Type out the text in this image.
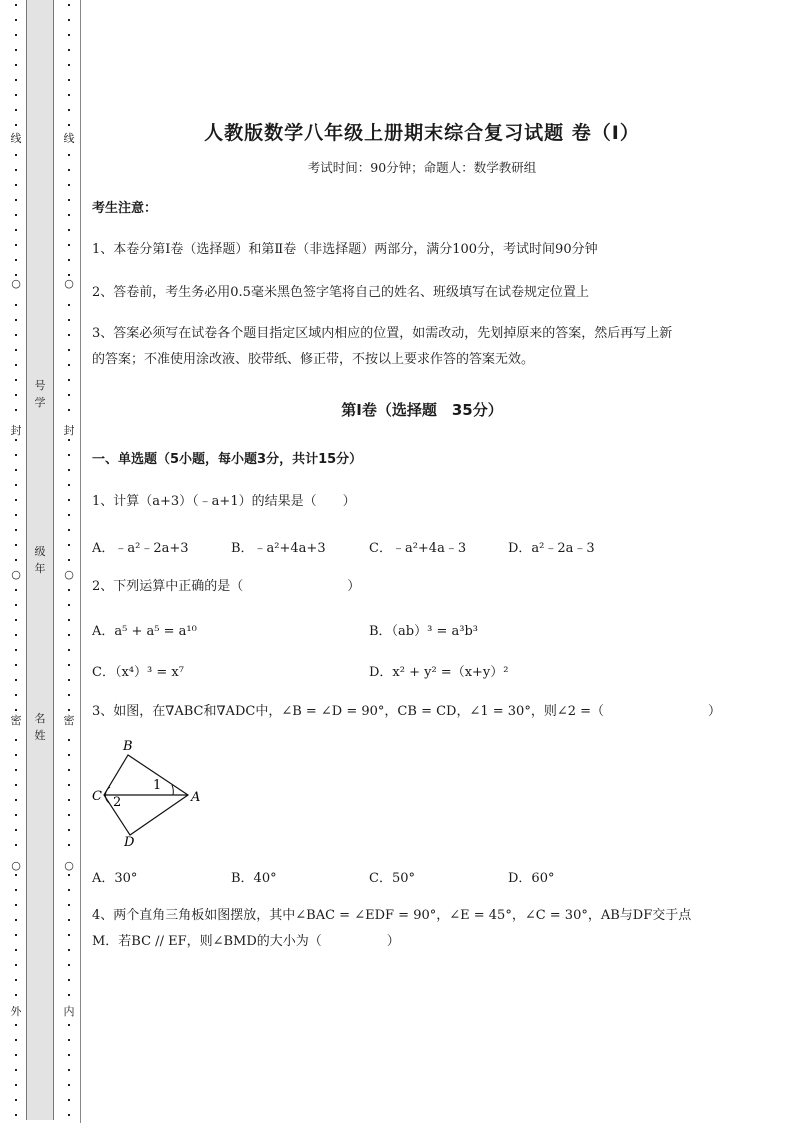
线
○
封
○
密
○
外
号学
级年
名姓
线
○
封
○
密
○
内
人教版数学八年级上册期末综合复习试题 卷（Ⅰ）
考试时间：90分钟；命题人：数学教研组
考生注意：
1、本卷分第I卷（选择题）和第Ⅱ卷（非选择题）两部分，满分100分，考试时间90分钟
2、答卷前，考生务必用0.5毫米黑色签字笔将自己的姓名、班级填写在试卷规定位置上
3、答案必须写在试卷各个题目指定区域内相应的位置，如需改动，先划掉原来的答案，然后再写上新
的答案；不准使用涂改液、胶带纸、修正带，不按以上要求作答的答案无效。
第I卷（选择题　35分）
一、单选题（5小题，每小题3分，共计15分）
1、计算（a+3）（﹣a+1）的结果是（　　）
A．﹣a²﹣2a+3	B．﹣a²+4a+3	C．﹣a²+4a﹣3	D．a²﹣2a﹣3
2、下列运算中正确的是（　　　　　　　　）
A．a⁵ + a⁵ = a¹⁰	B．（ab）³ = a³b³
C．（x⁴）³ = x⁷	D．x² + y² =（x+y）²
3、如图，在∇ABC和∇ADC中，∠B = ∠D = 90°，CB = CD，∠1 = 30°，则∠2 =（　　　　　　　　）
B
C	A
D
1
2
A．30°	B．40°	C．50°	D．60°
4、两个直角三角板如图摆放，其中∠BAC = ∠EDF = 90°，∠E = 45°，∠C = 30°，AB与DF交于点
M．若BC // EF，则∠BMD的大小为（　　　　　）
